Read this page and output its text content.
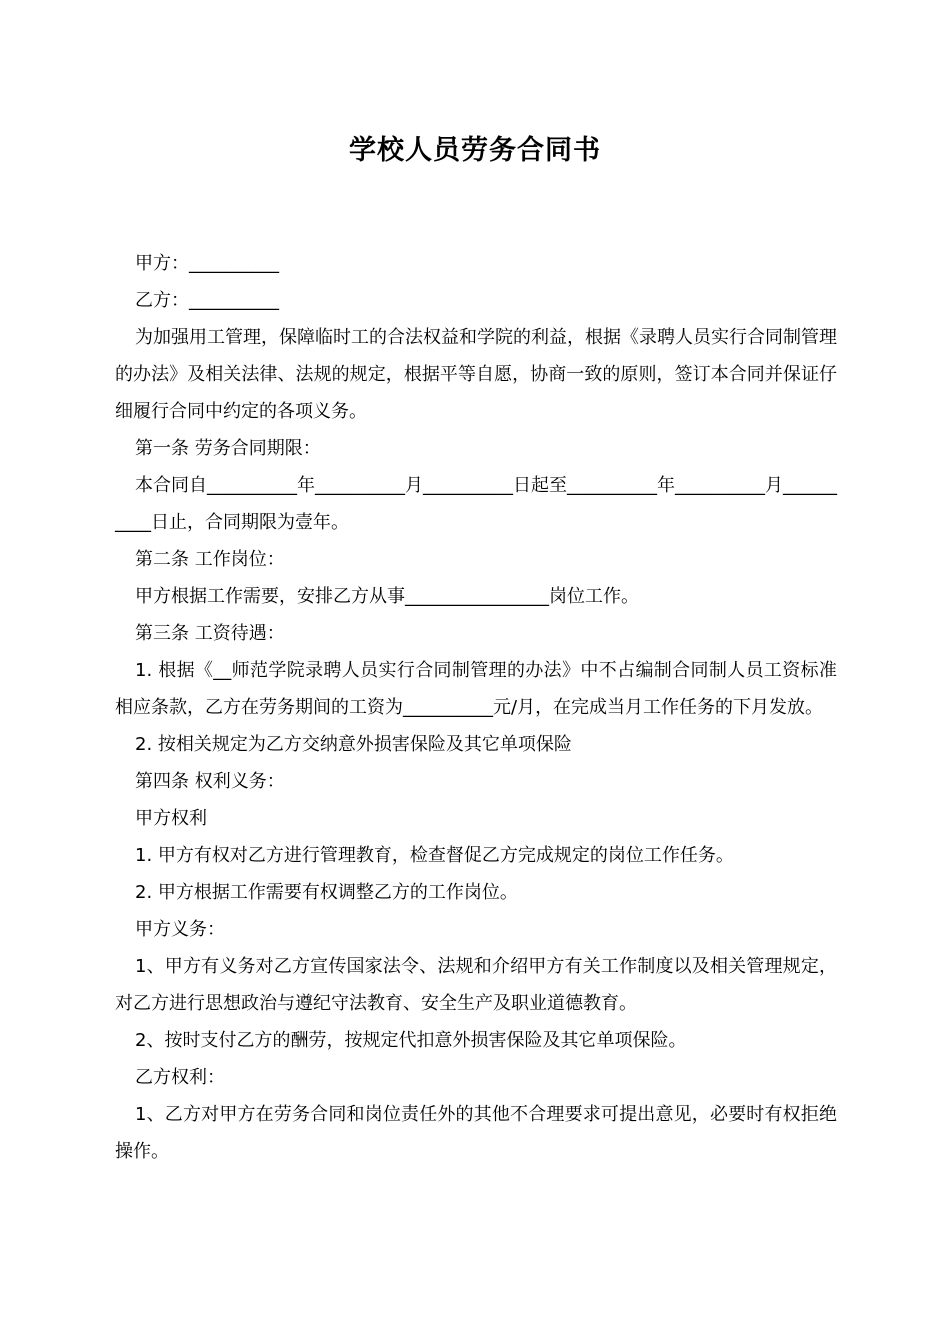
学校人员劳务合同书

甲方：__________

乙方：__________

为加强用工管理，保障临时工的合法权益和学院的利益，根据《录聘人员实行合同制管理的办法》及相关法律、法规的规定，根据平等自愿，协商一致的原则，签订本合同并保证仔细履行合同中约定的各项义务。

第一条 劳务合同期限：

本合同自__________年__________月__________日起至__________年__________月__________日止，合同期限为壹年。

第二条 工作岗位：

甲方根据工作需要，安排乙方从事________________岗位工作。

第三条 工资待遇：

1. 根据《__师范学院录聘人员实行合同制管理的办法》中不占编制合同制人员工资标准相应条款，乙方在劳务期间的工资为__________元/月，在完成当月工作任务的下月发放。

2. 按相关规定为乙方交纳意外损害保险及其它单项保险

第四条 权利义务：

甲方权利

1. 甲方有权对乙方进行管理教育，检查督促乙方完成规定的岗位工作任务。

2. 甲方根据工作需要有权调整乙方的工作岗位。

甲方义务：

1、甲方有义务对乙方宣传国家法令、法规和介绍甲方有关工作制度以及相关管理规定，对乙方进行思想政治与遵纪守法教育、安全生产及职业道德教育。

2、按时支付乙方的酬劳，按规定代扣意外损害保险及其它单项保险。

乙方权利：

1、乙方对甲方在劳务合同和岗位责任外的其他不合理要求可提出意见，必要时有权拒绝操作。
